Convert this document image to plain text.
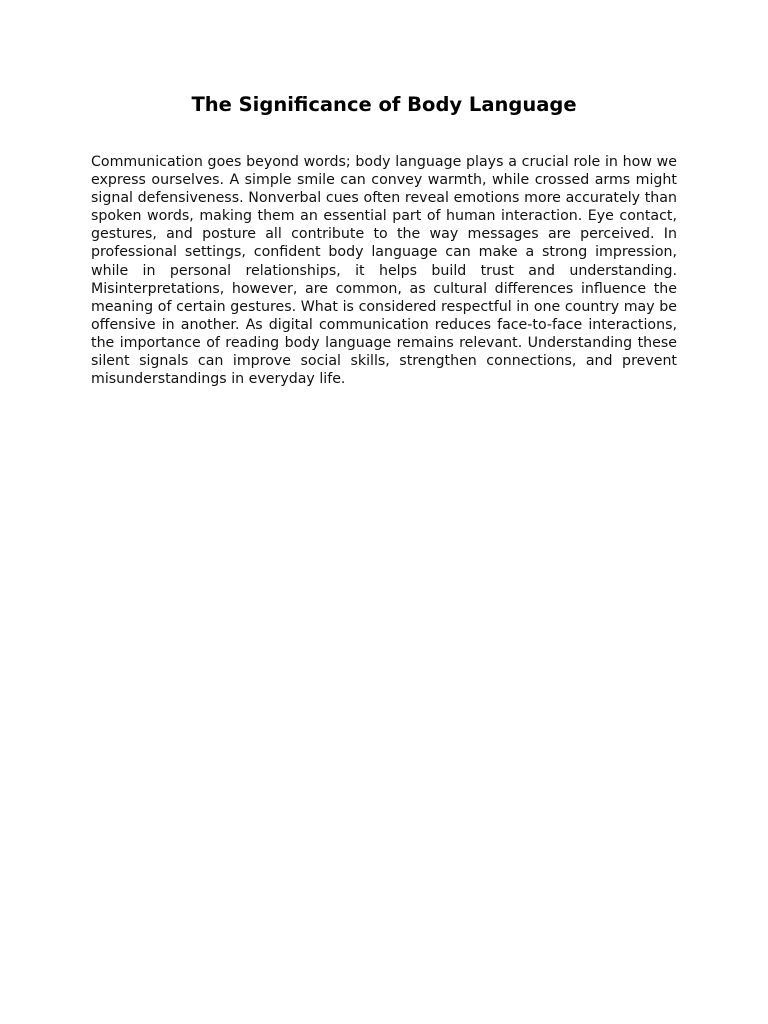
The Significance of Body Language

Communication goes beyond words; body language plays a crucial role in how we express ourselves. A simple smile can convey warmth, while crossed arms might signal defensiveness. Nonverbal cues often reveal emotions more accurately than spoken words, making them an essential part of human interaction. Eye contact, gestures, and posture all contribute to the way messages are perceived. In professional settings, confident body language can make a strong impression, while in personal relationships, it helps build trust and understanding. Misinterpretations, however, are common, as cultural differences influence the meaning of certain gestures. What is considered respectful in one country may be offensive in another. As digital communication reduces face-to-face interactions, the importance of reading body language remains relevant. Understanding these silent signals can improve social skills, strengthen connections, and prevent misunderstandings in everyday life.
